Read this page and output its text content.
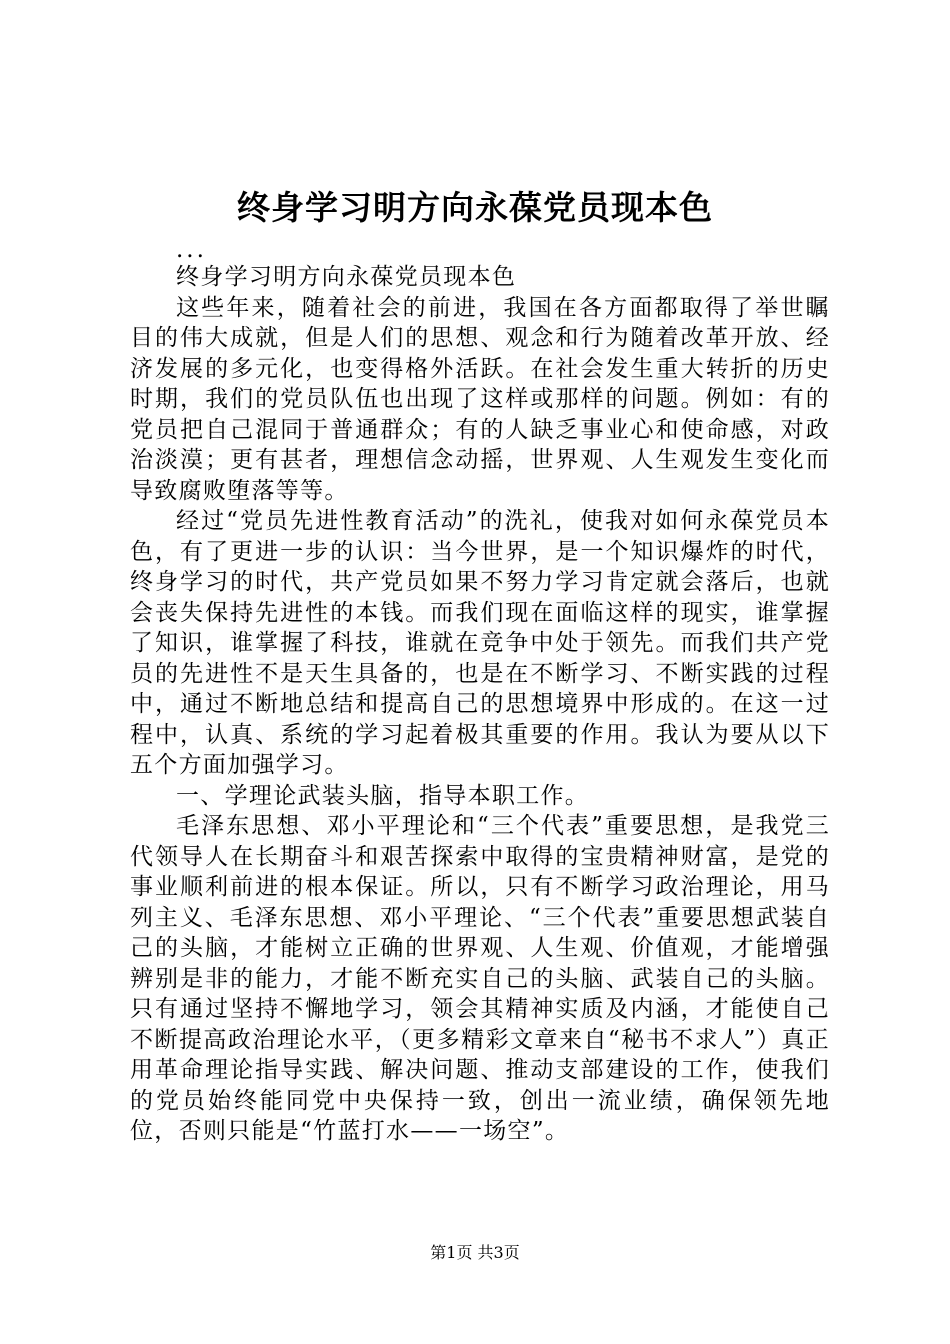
终身学习明方向永葆党员现本色

...

终身学习明方向永葆党员现本色

这些年来，随着社会的前进，我国在各方面都取得了举世瞩目的伟大成就，但是人们的思想、观念和行为随着改革开放、经济发展的多元化，也变得格外活跃。在社会发生重大转折的历史时期，我们的党员队伍也出现了这样或那样的问题。例如：有的党员把自己混同于普通群众；有的人缺乏事业心和使命感，对政治淡漠；更有甚者，理想信念动摇，世界观、人生观发生变化而导致腐败堕落等等。

经过“党员先进性教育活动”的洗礼，使我对如何永葆党员本色，有了更进一步的认识：当今世界，是一个知识爆炸的时代，终身学习的时代，共产党员如果不努力学习肯定就会落后，也就会丧失保持先进性的本钱。而我们现在面临这样的现实，谁掌握了知识，谁掌握了科技，谁就在竞争中处于领先。而我们共产党员的先进性不是天生具备的，也是在不断学习、不断实践的过程中，通过不断地总结和提高自己的思想境界中形成的。在这一过程中，认真、系统的学习起着极其重要的作用。我认为要从以下五个方面加强学习。

一、学理论武装头脑，指导本职工作。

毛泽东思想、邓小平理论和“三个代表”重要思想，是我党三代领导人在长期奋斗和艰苦探索中取得的宝贵精神财富，是党的事业顺利前进的根本保证。所以，只有不断学习政治理论，用马列主义、毛泽东思想、邓小平理论、“三个代表”重要思想武装自己的头脑，才能树立正确的世界观、人生观、价值观，才能增强辨别是非的能力，才能不断充实自己的头脑、武装自己的头脑。只有通过坚持不懈地学习，领会其精神实质及内涵，才能使自己不断提高政治理论水平，（更多精彩文章来自“秘书不求人”）真正用革命理论指导实践、解决问题、推动支部建设的工作，使我们的党员始终能同党中央保持一致，创出一流业绩，确保领先地位，否则只能是“竹蓝打水——一场空”。

第1页 共3页
